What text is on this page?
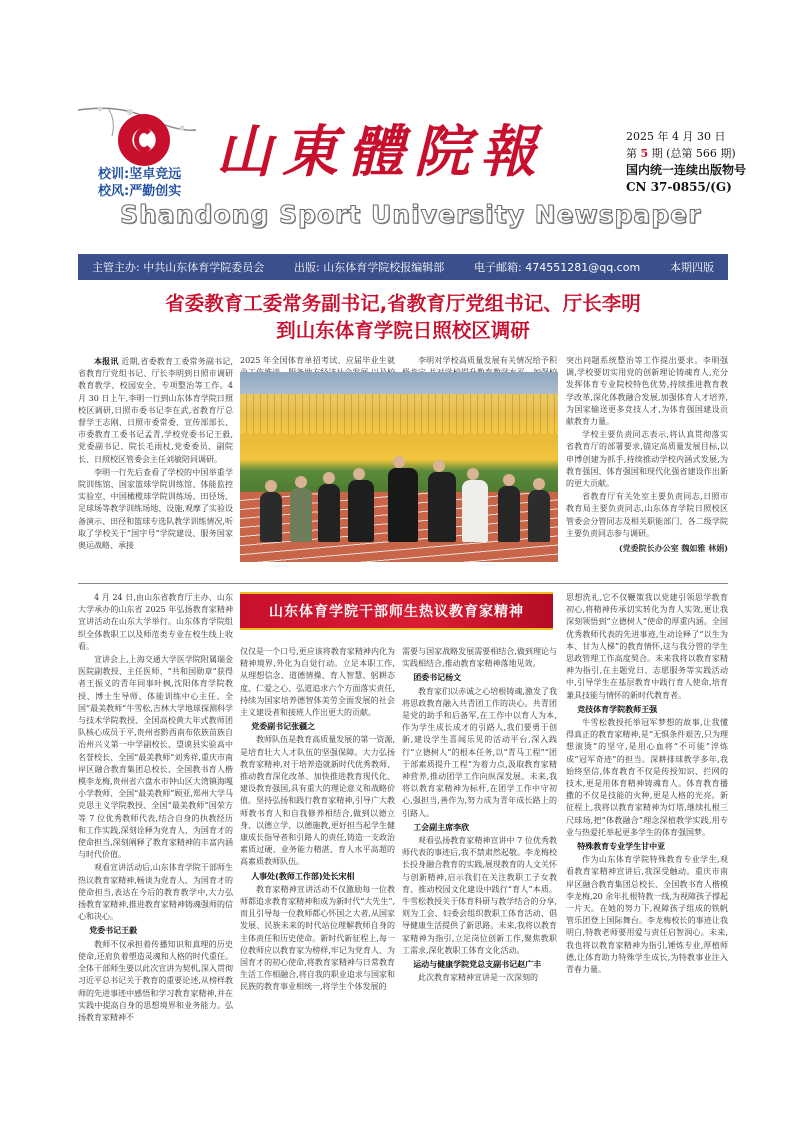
校训:坚卓竞远
校风:严勤创实
山東體院報
Shandong Sport University Newspaper
2025 年 4 月 30 日
第 5 期 (总第 566 期)
国内统一连续出版物号
CN 37-0855/(G)
主管主办: 中共山东体育学院委员会	出版: 山东体育学院校报编辑部	电子邮箱: 474551281@qq.com	本期四版
省委教育工委常务副书记,省教育厅党组书记、厅长李明
到山东体育学院日照校区调研

本报讯 近期,省委教育工委常务副书记,省教育厅党组书记、厅长李明到日照市调研教育教学、校园安全、专项整治等工作。4 月 30 日上午,李明一行到山东体育学院日照校区调研,日照市委书记李在武,省教育厅总督学王志刚、日照市委常委、宣传部部长、市委教育工委书记孟青,学校党委书记王毅,党委副书记、院长毛雨杖,党委委员、副院长、日照校区管委会主任刘敏陪同调研。

李明一行先后查看了学校的中国举重学院训练馆、国家篮球学院训练馆、体能监控实验室、中国橄榄球学院训练场、田径场、足球场等教学训练场地、设施,观摩了实验设备演示、田径和篮球专选队教学训练情况,听取了学校关于“国字号”学院建设、服务国家奥运战略、承接

2025 年全国体育单招考试、应届毕业生就	李明对学校高质量发展有关情况给予积 突出问题系统整治等工作提出要求。李明强调,学校要切实用党的创新理论铸魂育人,充分发挥体育专业院校特色优势,持续推进教育教学改革,深化体教融合发展,加强体育人才培养,为国家输送更多竞技人才,为体育强国建设贡献教育力量。

学校主要负责同志表示,将认真贯彻落实省教育厅的部署要求,锚定高质量发展目标,以申博创建为抓手,持续推动学校内涵式发展,为教育强国、体育强国和现代化强省建设作出新的更大贡献。

省教育厅有关处室主要负责同志,日照市教育局主要负责同志,山东体育学院日照校区管委会分管同志及相关职能部门、各二级学院主要负责同志参与调研。

(党委院长办公室 魏如雅 林娟)
山东体育学院干部师生热议教育家精神

4 月 24 日,由山东省教育厅主办、山东大学承办的山东省 2025 年弘扬教育家精神宣讲活动在山东大学举行。山东体育学院组织全体教职工以及师范类专业在校生线上收看。

宣讲会上,上海交通大学医学院附属瑞金医院副教授、主任医师、“共和国勋章”获得者王振义的青年同事叶枫,沈阳体育学院教授、博士生导师、体能训练中心主任、全国“最美教师”牛雪松,吉林大学地球探测科学与技术学院教授、全国高校黄大年式教师团队核心成员于平,贵州省黔西南布依族苗族自治州兴义第一中学副校长、望谟县实验高中名誉校长、全国“最美教师”刘秀祥,重庆市南岸区融合教育集团总校长、全国教书育人楷模李龙梅,贵州省六盘水市钟山区大湾镇海嘎小学教师、全国“最美教师”顾亚,郑州大学马克思主义学院教授、全国“最美教师”国荣方等 7 位优秀教师代表,结合自身的执教经历和工作实践,深刻诠释为党育人、为国育才的使命担当,深刻阐释了教育家精神的丰富内涵与时代价值。

观看宣讲活动后,山东体育学院干部师生热议教育家精神,畅谈为党育人、为国育才的使命担当,表达在今后的教育教学中,大力弘扬教育家精神,推进教育家精神铸魂强师的信心和决心。

党委书记王毅

教师不仅承担着传播知识和真理的历史使命,还肩负着塑造灵魂和人格的时代重任。全体干部师生要以此次宣讲为契机,深入贯彻习近平总书记关于教育的重要论述,从榜样教师的先进事迹中感悟和学习教育家精神,并在实践中提高自身的思想境界和业务能力。弘扬教育家精神不

仅仅是一个口号,更应该将教育家精神内化为精神境界,外化为自觉行动。立足本职工作,从理想信念、道德情操、育人智慧、躬耕态度、仁爱之心、弘道追求六个方面落实责任,持续为国家培养德智体美劳全面发展的社会主义建设者和接班人作出更大的贡献。

党委副书记张疆之

教师队伍是教育高质量发展的第一资源,是培育壮大人才队伍的坚强保障。大力弘扬教育家精神,对于培养造就新时代优秀教师、推动教育深化改革、加快推进教育现代化、建设教育强国,具有重大的理论意义和战略价值。坚持弘扬和践行教育家精神,引导广大教师教书育人和自我修养相结合,做到以德立身、以德立学、以德施教,更好担当起学生健康成长指导者和引路人的责任,铸造一支政治素质过硬、业务能力精湛、育人水平高超的高素质教师队伍。

人事处(教师工作部)处长宋相

教育家精神宣讲活动不仅激励每一位教师都追求教育家精神和成为新时代“大先生”,而且引导每一位教师都心怀国之大者,从国家发展、民族未来的时代站位理解教师自身的主体责任和历史使命。新时代新征程上,每一位教师应以教育家为榜样,牢记为党育人、为国育才的初心使命,将教育家精神与日常教育生活工作相融合,将自我的职业追求与国家和民族的教育事业相统一,将学生个体发展的

需要与国家战略发展需要相结合,做到理论与实践相结合,推动教育家精神落地见效。

团委书记杨文

教育家们以赤诚之心培根铸魂,激发了我将思政教育融入共青团工作的决心。共青团是党的助手和后备军,在工作中以育人为本,作为学生成长成才的引路人,我们要勇于创新,建设学生喜闻乐见的活动平台,深入践行“立德树人”的根本任务,以“青马工程”“团干部素质提升工程”为着力点,汲取教育家精神营养,推动团学工作向纵深发展。未来,我将以教育家精神为标杆,在团学工作中守初心,强担当,善作为,努力成为青年成长路上的引路人。

工会副主席李欣

观看弘扬教育家精神宣讲中 7 位优秀教师代表的事迹后,我不禁肃然起敬。李龙梅校长投身融合教育的实践,展现教育的人文关怀与创新精神,启示我们在关注教职工子女教育、推动校园文化建设中践行“育人”本质。牛雪松教授关于体育科研与教学结合的分享,则为工会、妇委会组织教职工体育活动、倡导健康生活提供了新思路。未来,我将以教育家精神为指引,立足岗位创新工作,聚焦教职工需求,深化教职工体育文化活动。

运动与健康学院党总支副书记赵广丰

此次教育家精神宣讲是一次深刻的

思想洗礼,它不仅鞭策我以党建引领思学教育初心,将精神传承切实转化为育人实效,更让我深刻领悟到“立德树人”使命的厚重内涵。全国优秀教师代表的先进事迹,生动诠释了“以生为本、甘为人梯”的教育情怀,这与我分管的学生思政管理工作高度契合。未来我将以教育家精神为指引,在主题党日、志愿服务等实践活动中,引导学生在基层教育中践行育人使命,培育兼具技能与情怀的新时代教育者。

竞技体育学院教师王强

牛雪松教授托举冠军梦想的故事,让我懂得真正的教育家精神,是“无惧条件艰苦,只为理想滚烫”的坚守,是用心血将“不可能”淬炼成“冠军奇迹”的担当。深耕排球教学多年,我始终坚信,体育教育不仅是传授知识、拦网的技术,更是用体育精神铸魂育人。体育教育播撒的不仅是技能的火种,更是人格的光亮。新征程上,我将以教育家精神为灯塔,继续扎根三尺球场,把“体教融合”理念深植教学实践,用专业与热爱托举起更多学生的体育强国梦。

特殊教育专业学生甘中亚

作为山东体育学院特殊教育专业学生,观看教育家精神宣讲后,我深受触动。重庆市南岸区融合教育集团总校长、全国教书育人楷模李龙梅,20 余年扎根特教一线,为视障孩子撑起一片天。在她的努力下,视障孩子组成的铁帆管乐团登上国际舞台。李龙梅校长的事迹让我明白,特教老师要用爱与责任启智润心。未来,我也将以教育家精神为指引,锤炼专业,厚植师德,让体育助力特殊学生成长,为特教事业注入青春力量。
